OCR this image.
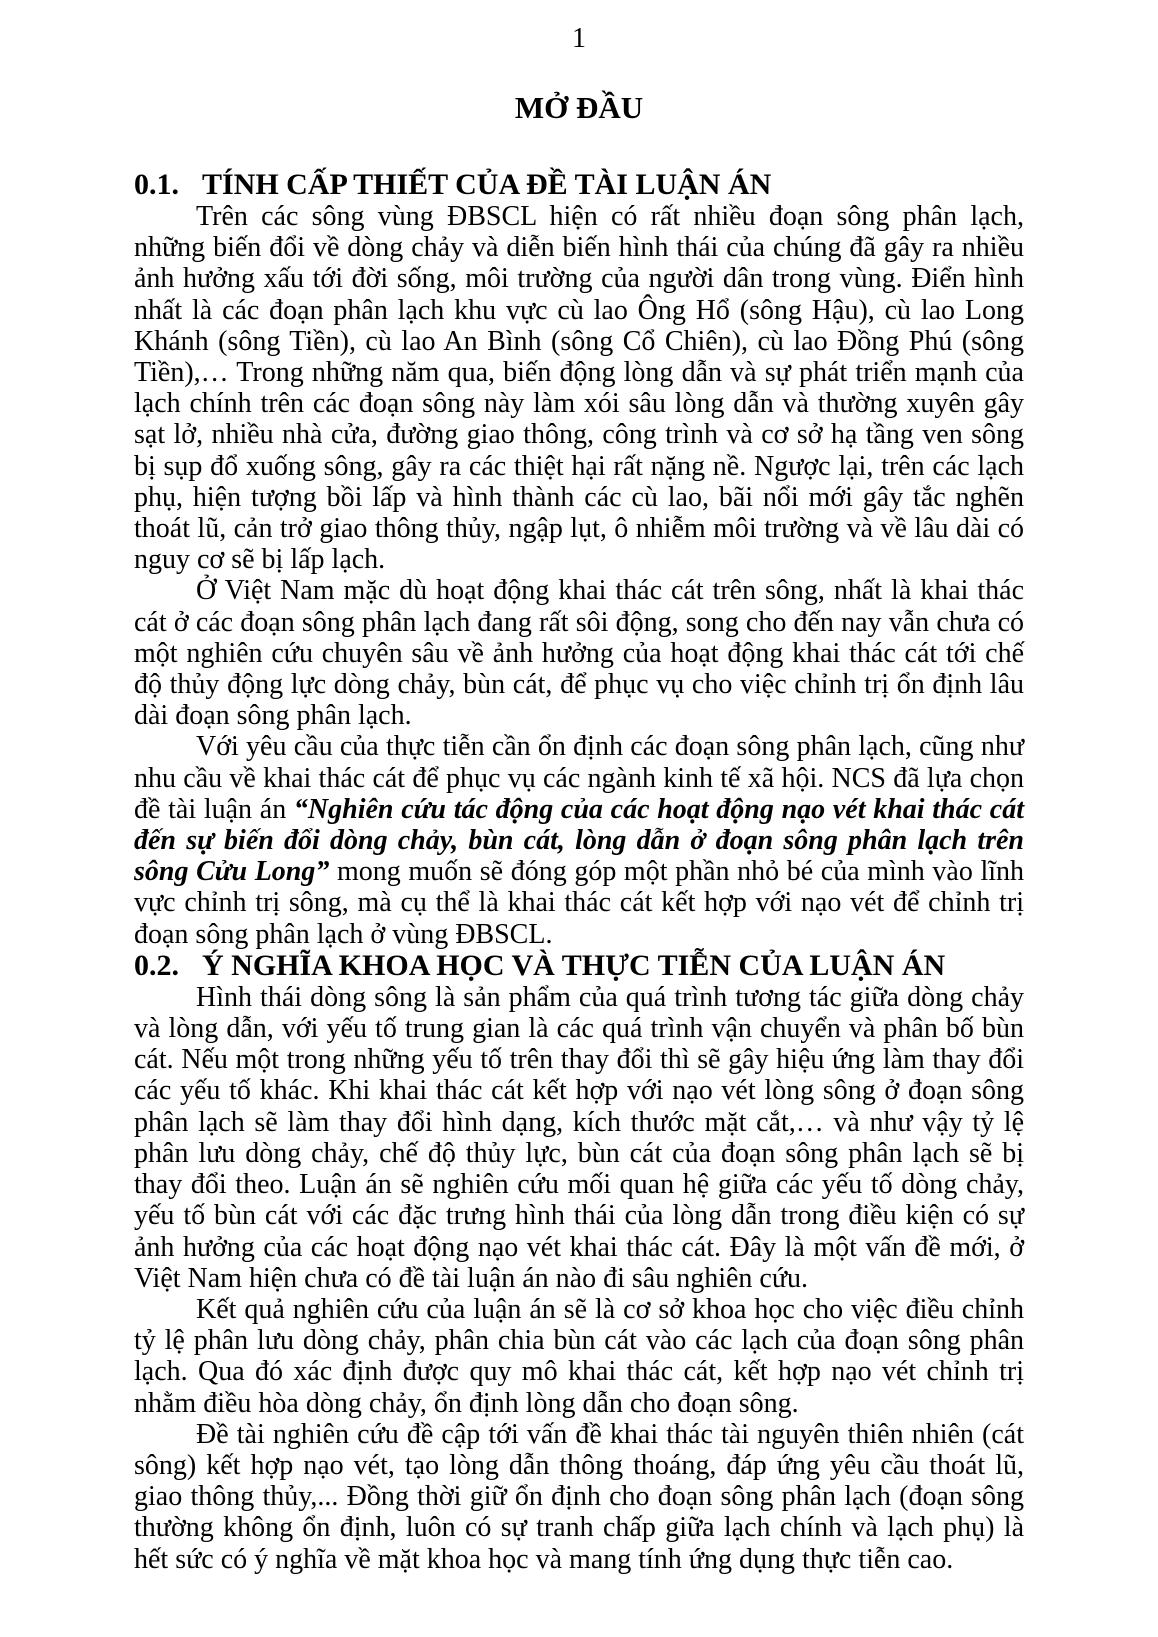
1
MỞ ĐẦU
0.1. TÍNH CẤP THIẾT CỦA ĐỀ TÀI LUẬN ÁN

Trên các sông vùng ĐBSCL hiện có rất nhiều đoạn sông phân lạch, những biến đổi về dòng chảy và diễn biến hình thái của chúng đã gây ra nhiều ảnh hưởng xấu tới đời sống, môi trường của người dân trong vùng. Điển hình nhất là các đoạn phân lạch khu vực cù lao Ông Hổ (sông Hậu), cù lao Long Khánh (sông Tiền), cù lao An Bình (sông Cổ Chiên), cù lao Đồng Phú (sông Tiền),… Trong những năm qua, biến động lòng dẫn và sự phát triển mạnh của lạch chính trên các đoạn sông này làm xói sâu lòng dẫn và thường xuyên gây sạt lở, nhiều nhà cửa, đường giao thông, công trình và cơ sở hạ tầng ven sông bị sụp đổ xuống sông, gây ra các thiệt hại rất nặng nề. Ngược lại, trên các lạch phụ, hiện tượng bồi lấp và hình thành các cù lao, bãi nổi mới gây tắc nghẽn thoát lũ, cản trở giao thông thủy, ngập lụt, ô nhiễm môi trường và về lâu dài có nguy cơ sẽ bị lấp lạch.

Ở Việt Nam mặc dù hoạt động khai thác cát trên sông, nhất là khai thác cát ở các đoạn sông phân lạch đang rất sôi động, song cho đến nay vẫn chưa có một nghiên cứu chuyên sâu về ảnh hưởng của hoạt động khai thác cát tới chế độ thủy động lực dòng chảy, bùn cát, để phục vụ cho việc chỉnh trị ổn định lâu dài đoạn sông phân lạch.

Với yêu cầu của thực tiễn cần ổn định các đoạn sông phân lạch, cũng như nhu cầu về khai thác cát để phục vụ các ngành kinh tế xã hội. NCS đã lựa chọn đề tài luận án “Nghiên cứu tác động của các hoạt động nạo vét khai thác cát đến sự biến đổi dòng chảy, bùn cát, lòng dẫn ở đoạn sông phân lạch trên sông Cửu Long” mong muốn sẽ đóng góp một phần nhỏ bé của mình vào lĩnh vực chỉnh trị sông, mà cụ thể là khai thác cát kết hợp với nạo vét để chỉnh trị đoạn sông phân lạch ở vùng ĐBSCL.

0.2. Ý NGHĨA KHOA HỌC VÀ THỰC TIỄN CỦA LUẬN ÁN

Hình thái dòng sông là sản phẩm của quá trình tương tác giữa dòng chảy và lòng dẫn, với yếu tố trung gian là các quá trình vận chuyển và phân bố bùn cát. Nếu một trong những yếu tố trên thay đổi thì sẽ gây hiệu ứng làm thay đổi các yếu tố khác. Khi khai thác cát kết hợp với nạo vét lòng sông ở đoạn sông phân lạch sẽ làm thay đổi hình dạng, kích thước mặt cắt,… và như vậy tỷ lệ phân lưu dòng chảy, chế độ thủy lực, bùn cát của đoạn sông phân lạch sẽ bị thay đổi theo. Luận án sẽ nghiên cứu mối quan hệ giữa các yếu tố dòng chảy, yếu tố bùn cát với các đặc trưng hình thái của lòng dẫn trong điều kiện có sự ảnh hưởng của các hoạt động nạo vét khai thác cát. Đây là một vấn đề mới, ở Việt Nam hiện chưa có đề tài luận án nào đi sâu nghiên cứu.

Kết quả nghiên cứu của luận án sẽ là cơ sở khoa học cho việc điều chỉnh tỷ lệ phân lưu dòng chảy, phân chia bùn cát vào các lạch của đoạn sông phân lạch. Qua đó xác định được quy mô khai thác cát, kết hợp nạo vét chỉnh trị nhằm điều hòa dòng chảy, ổn định lòng dẫn cho đoạn sông.

Đề tài nghiên cứu đề cập tới vấn đề khai thác tài nguyên thiên nhiên (cát sông) kết hợp nạo vét, tạo lòng dẫn thông thoáng, đáp ứng yêu cầu thoát lũ, giao thông thủy,... Đồng thời giữ ổn định cho đoạn sông phân lạch (đoạn sông thường không ổn định, luôn có sự tranh chấp giữa lạch chính và lạch phụ) là hết sức có ý nghĩa về mặt khoa học và mang tính ứng dụng thực tiễn cao.
